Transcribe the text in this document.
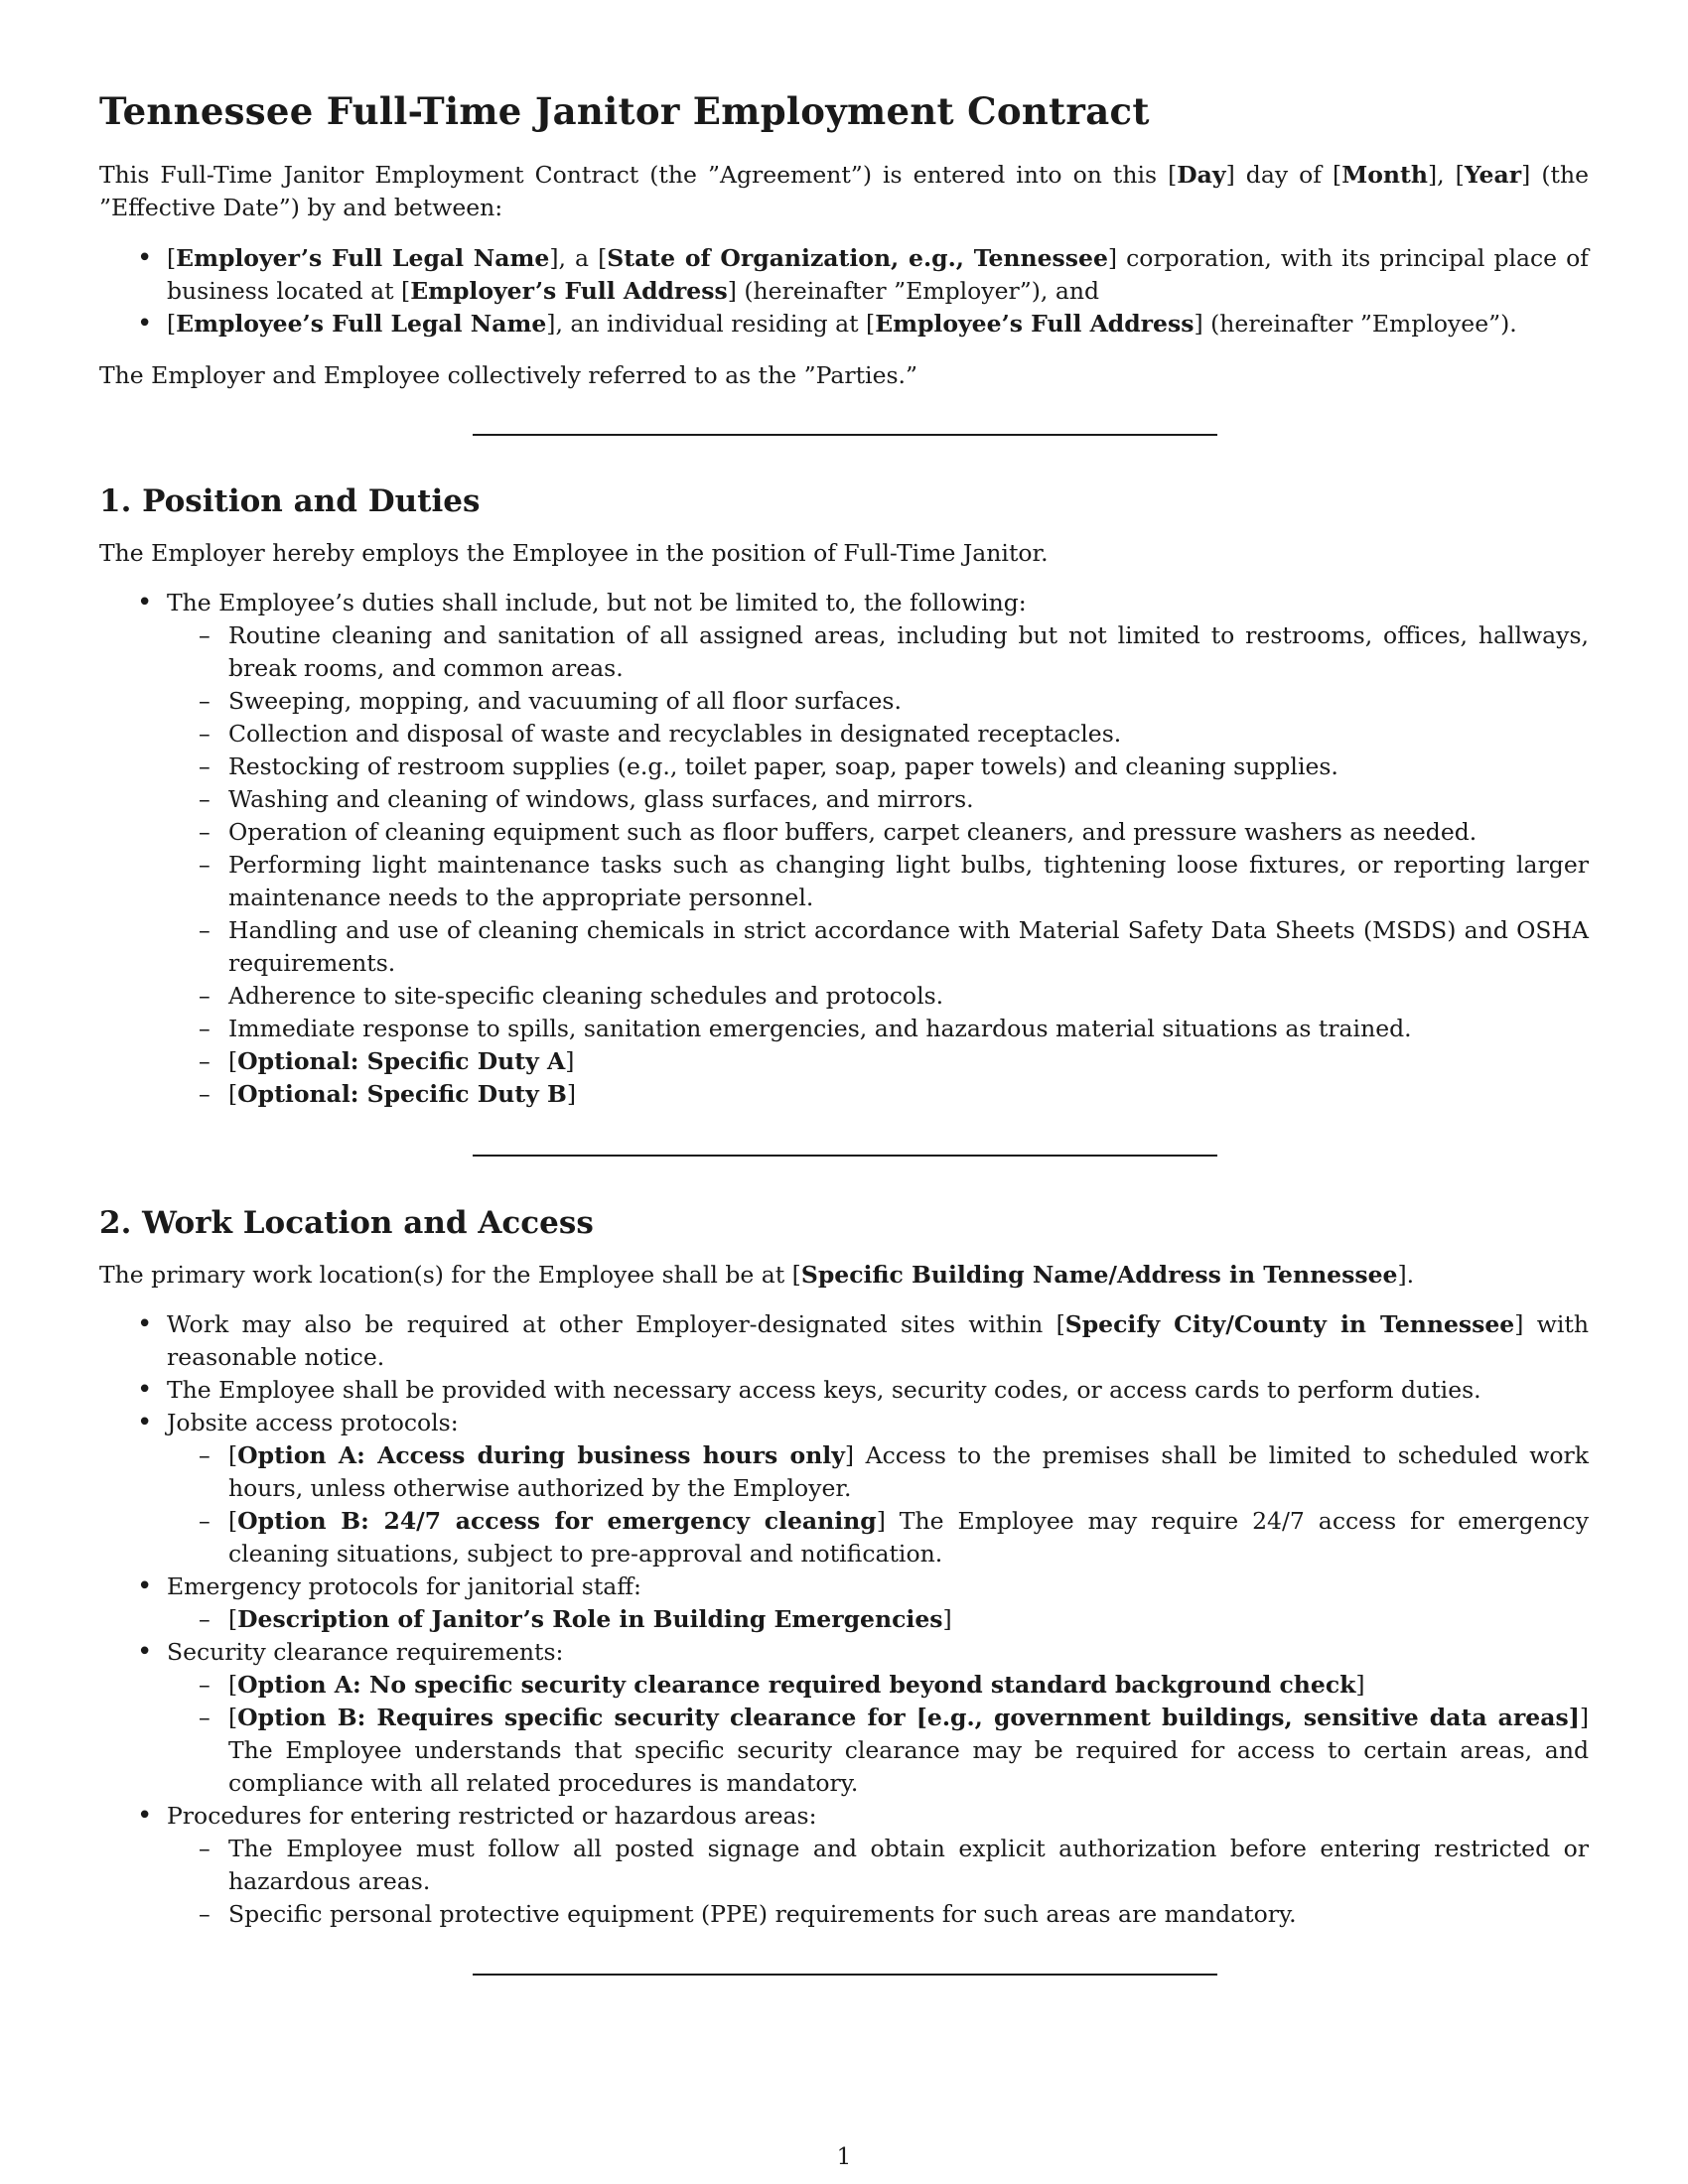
Tennessee Full-Time Janitor Employment Contract

This Full-Time Janitor Employment Contract (the ”Agreement”) is entered into on this [Day] day of [Month], [Year] (the ”Effective Date”) by and between:

• [Employer’s Full Legal Name], a [State of Organization, e.g., Tennessee] corporation, with its principal place of business located at [Employer’s Full Address] (hereinafter ”Employer”), and
• [Employee’s Full Legal Name], an individual residing at [Employee’s Full Address] (hereinafter ”Employee”).

The Employer and Employee collectively referred to as the ”Parties.”

1. Position and Duties

The Employer hereby employs the Employee in the position of Full-Time Janitor.

• The Employee’s duties shall include, but not be limited to, the following:
– Routine cleaning and sanitation of all assigned areas, including but not limited to restrooms, offices, hallways, break rooms, and common areas.
– Sweeping, mopping, and vacuuming of all floor surfaces.
– Collection and disposal of waste and recyclables in designated receptacles.
– Restocking of restroom supplies (e.g., toilet paper, soap, paper towels) and cleaning supplies.
– Washing and cleaning of windows, glass surfaces, and mirrors.
– Operation of cleaning equipment such as floor buffers, carpet cleaners, and pressure washers as needed.
– Performing light maintenance tasks such as changing light bulbs, tightening loose fixtures, or reporting larger maintenance needs to the appropriate personnel.
– Handling and use of cleaning chemicals in strict accordance with Material Safety Data Sheets (MSDS) and OSHA requirements.
– Adherence to site-specific cleaning schedules and protocols.
– Immediate response to spills, sanitation emergencies, and hazardous material situations as trained.
– [Optional: Specific Duty A]
– [Optional: Specific Duty B]
2. Work Location and Access

The primary work location(s) for the Employee shall be at [Specific Building Name/Address in Tennessee].

• Work may also be required at other Employer-designated sites within [Specify City/County in Tennessee] with reasonable notice.
• The Employee shall be provided with necessary access keys, security codes, or access cards to perform duties.
• Jobsite access protocols:
– [Option A: Access during business hours only] Access to the premises shall be limited to scheduled work hours, unless otherwise authorized by the Employer.
– [Option B: 24/7 access for emergency cleaning] The Employee may require 24/7 access for emergency cleaning situations, subject to pre-approval and notification.
• Emergency protocols for janitorial staff:
– [Description of Janitor’s Role in Building Emergencies]
• Security clearance requirements:
– [Option A: No specific security clearance required beyond standard background check]
– [Option B: Requires specific security clearance for [e.g., government buildings, sensitive data areas]] The Employee understands that specific security clearance may be required for access to certain areas, and compliance with all related procedures is mandatory.
• Procedures for entering restricted or hazardous areas:
– The Employee must follow all posted signage and obtain explicit authorization before entering restricted or hazardous areas.
– Specific personal protective equipment (PPE) requirements for such areas are mandatory.
1
